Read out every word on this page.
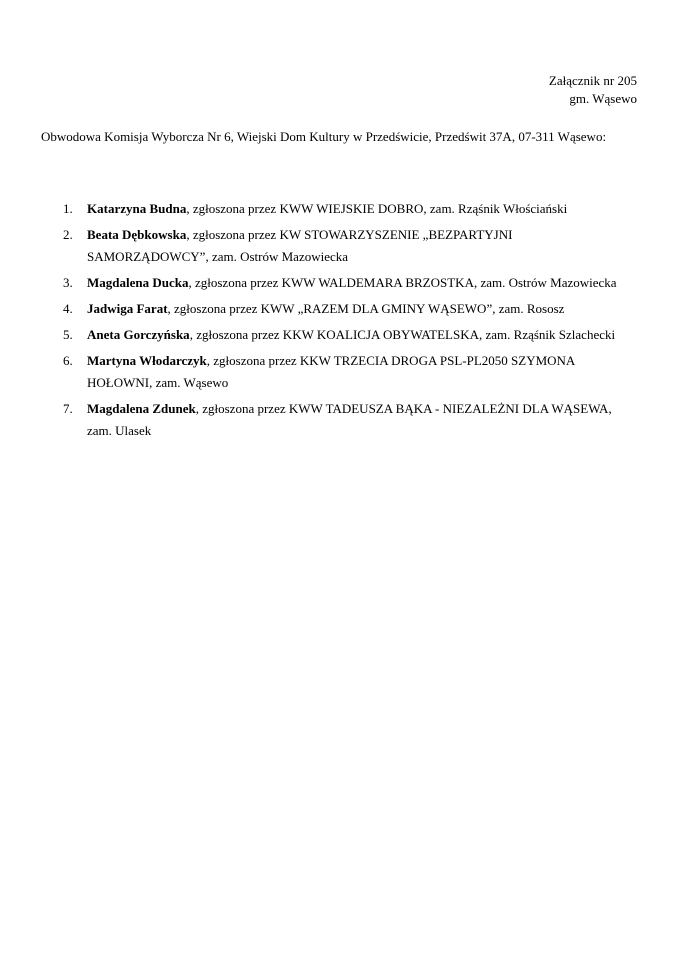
Załącznik nr 205
gm. Wąsewo
Obwodowa Komisja Wyborcza Nr 6, Wiejski Dom Kultury w Przedświcie, Przedświt 37A, 07-311 Wąsewo:
1. Katarzyna Budna, zgłoszona przez KWW WIEJSKIE DOBRO, zam. Rząśnik Włościański
2. Beata Dębkowska, zgłoszona przez KW STOWARZYSZENIE „BEZPARTYJNI SAMORZĄDOWCY”, zam. Ostrów Mazowiecka
3. Magdalena Ducka, zgłoszona przez KWW WALDEMARA BRZOSTKA, zam. Ostrów Mazowiecka
4. Jadwiga Farat, zgłoszona przez KWW „RAZEM DLA GMINY WĄSEWO”, zam. Rososz
5. Aneta Gorczyńska, zgłoszona przez KKW KOALICJA OBYWATELSKA, zam. Rząśnik Szlachecki
6. Martyna Włodarczyk, zgłoszona przez KKW TRZECIA DROGA PSL-PL2050 SZYMONA HOŁOWNI, zam. Wąsewo
7. Magdalena Zdunek, zgłoszona przez KWW TADEUSZA BĄKA - NIEZALEŻNI DLA WĄSEWA, zam. Ulasek
